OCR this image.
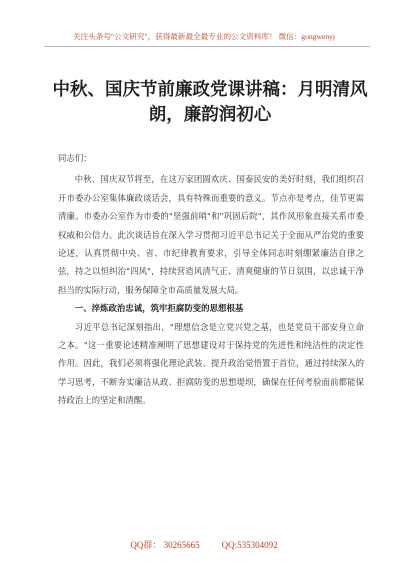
关注头条号"公文研究"，获得最新最全最专业的公文资料库！ 微信：gongwenyj
中秋、国庆节前廉政党课讲稿：月明清风朗，廉韵润初心

同志们：

中秋、国庆双节将至，在这万家团圆欢庆、国泰民安的美好时刻，我们组织召开市委办公室集体廉政谈话会，具有特殊而重要的意义。节点亦是考点，佳节更需清廉。市委办公室作为市委的"坚强前哨"和"巩固后院"，其作风形象直接关系市委权威和公信力。此次谈话旨在深入学习贯彻习近平总书记关于全面从严治党的重要论述，认真贯彻中央、省、市纪律教育要求，引导全体同志时刻绷紧廉洁自律之弦，持之以恒纠治"四风"，持续营造风清气正、清爽健康的节日氛围，以忠诚干净担当的实际行动，服务保障全市高质量发展大局。

一、淬炼政治忠诚，筑牢拒腐防变的思想根基

习近平总书记深刻指出，"理想信念是立党兴党之基，也是党员干部安身立命之本。"这一重要论述精准阐明了思想建设对于保持党的先进性和纯洁性的决定性作用。因此，我们必须将强化理论武装、提升政治觉悟置于首位，通过持续深入的学习思考，不断夯实廉洁从政、拒腐防变的思想堤坝，确保在任何考验面前都能保持政治上的坚定和清醒。

QQ群： 30265665 QQ:535304092
